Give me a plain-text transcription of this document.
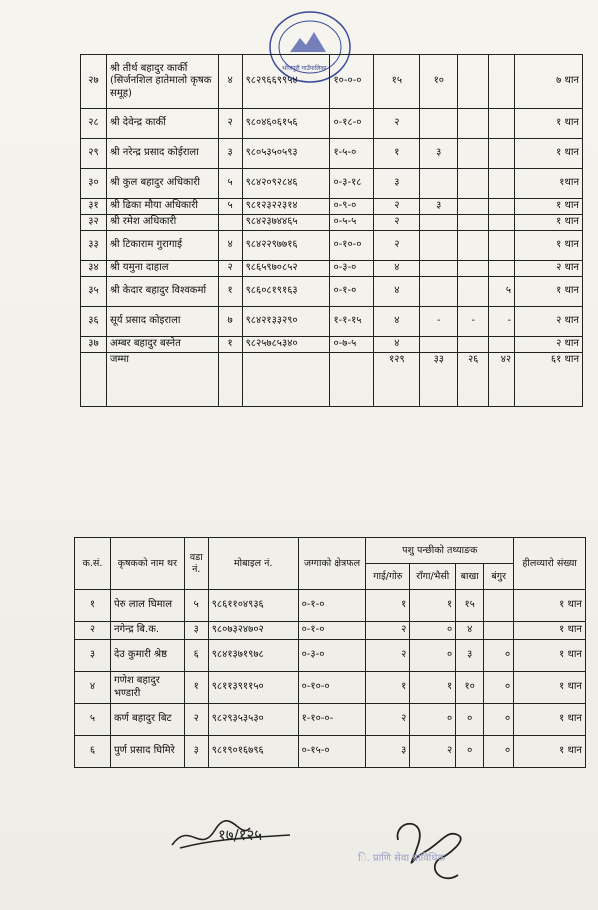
भोजपुरी गाउँपालिका
२७	श्री तीर्थ बहादुर कार्की (सिर्जनशिल हातेमालो कृषक समूह)	४	९८२९६६९९५४	१०-०-०	१५	१०			७ थान
२८	श्री देवेन्द्र कार्की	२	९८०४६०६१५६	०-१८-०	२				१ थान
२९	श्री नरेन्द्र प्रसाद कोईराला	३	९८०५३५०५९३	१-५-०	१	३			१ थान
३०	श्री कुल बहादुर अधिकारी	५	९८४२०९२८४६	०-३-१८	३				१थान
३१	श्री ढिका मौया अधिकारी	५	९८१२३२२३१४	०-९-०	२	३			१ थान
३२	श्री रमेश अधिकारी		९८४२३७४४६५	०-५-५	२				१ थान
३३	श्री टिकाराम गुरागाई	४	९८४२२९७७१६	०-१०-०	२				१ थान
३४	श्री यमुना दाहाल	२	९८६५९७०८५२	०-३-०	४				२ थान
३५	श्री केदार बहादुर विश्वकर्मा	१	९८६०८१९१६३	०-१-०	४			५	१ थान
३६	सूर्य प्रसाद कोइराला	७	९८४२१३३२९०	१-१-१५	४	-	-	-	२ थान
३७	अम्बर बहादुर बस्नेत	१	९८२५७८५३४०	०-७-५	४				२ थान
	जम्मा				१२९	३३	२६	४२	६१ थान
क.सं.	कृषकको नाम थर	वडा नं.	मोबाइल नं.	जग्गाको क्षेत्रफल	पशु पन्छीको तथ्याङक				हीलव्यारो संख्या
					गाई/गोरु	राँगा/भैसी	बाखा	बंगुर	
१	पेरु लाल घिमाल	५	९८६११०४९३६	०-१-०	१	१	१५		१ थान
२	नगेन्द्र बि.क.	३	९८०७३२४७०२	०-१-०	२	०	४		१ थान
३	देउ कुमारी श्रेष्ठ	६	९८४१३७१९७८	०-३-०	२	०	३	०	१ थान
४	गणेश बहादुर भण्डारी	१	९८११३९११५०	०-१०-०	१	१	१०	०	१ थान
५	कर्ण बहादुर बिट	२	९८२९३५३५३०	१-१०-०-	२	०	०	०	१ थान
६	पुर्ण प्रसाद घिमिरे	३	९८१९०१६७९६	०-१५-०	३	२	०	०	१ थान
१७/१२५
ि. प्राणि सेवा प्राविधिक
